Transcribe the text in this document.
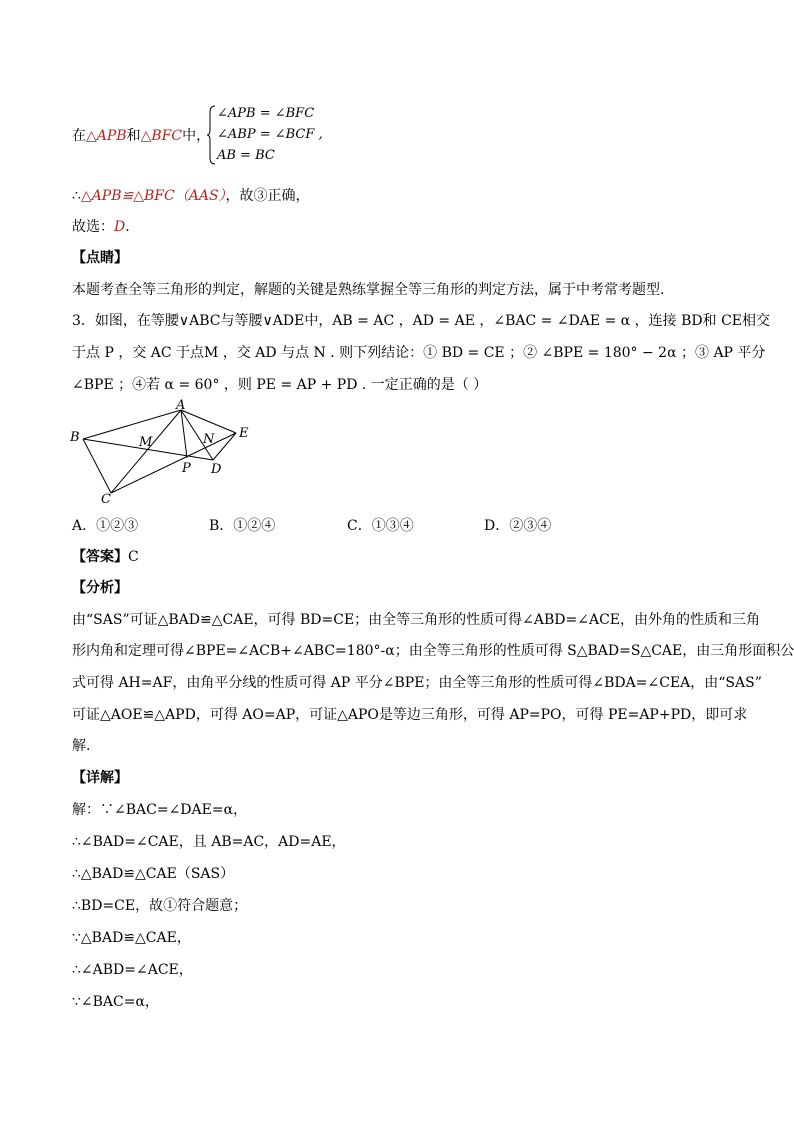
在△APB和△BFC中，
∠APB = ∠BFC
∠ABP = ∠BCF ,
AB = BC
∴△APB≌△BFC（AAS），故③正确，
故选：D.
【点睛】
本题考查全等三角形的判定，解题的关键是熟练掌握全等三角形的判定方法，属于中考常考题型.
3．如图，在等腰∨ABC与等腰∨ADE中，AB = AC ，AD = AE ，∠BAC = ∠DAE = α ，连接 BD和 CE相交
于点 P ，交 AC 于点M ，交 AD 与点 N . 则下列结论：① BD = CE ；② ∠BPE = 180° − 2α ；③ AP 平分
∠BPE ；④若 α = 60° ，则 PE = AP + PD . 一定正确的是（ ）
A
B
C
D
E
M	N
P
A．①②③	B．①②④	C．①③④	D．②③④
【答案】C
【分析】
由“SAS”可证△BAD≌△CAE，可得 BD=CE；由全等三角形的性质可得∠ABD=∠ACE，由外角的性质和三角
形内角和定理可得∠BPE=∠ACB+∠ABC=180°-α；由全等三角形的性质可得 S△BAD=S△CAE，由三角形面积公
式可得 AH=AF，由角平分线的性质可得 AP 平分∠BPE；由全等三角形的性质可得∠BDA=∠CEA，由“SAS”
可证△AOE≌△APD，可得 AO=AP，可证△APO是等边三角形，可得 AP=PO，可得 PE=AP+PD，即可求
解.
【详解】
解：∵∠BAC=∠DAE=α，
∴∠BAD=∠CAE，且 AB=AC，AD=AE，
∴△BAD≌△CAE（SAS）
∴BD=CE，故①符合题意；
∵△BAD≌△CAE，
∴∠ABD=∠ACE，
∵∠BAC=α，
